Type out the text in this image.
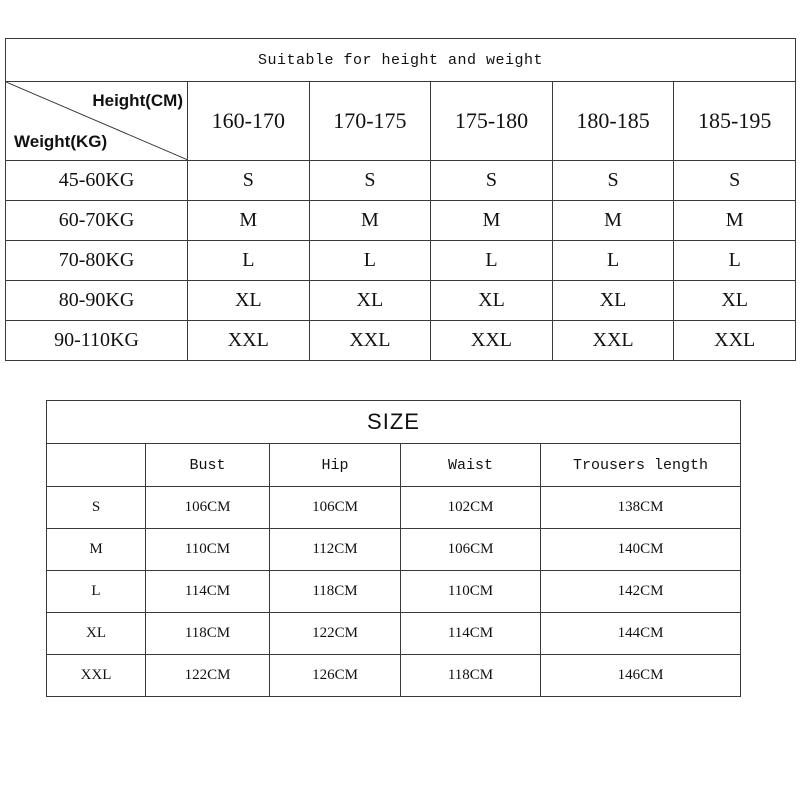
Suitable for height and weight					

Height(CM)
Weight(KG)	160-170	170-175	175-180	180-185	185-195
45-60KG	S	S	S	S	S
60-70KG	M	M	M	M	M
70-80KG	L	L	L	L	L
80-90KG	XL	XL	XL	XL	XL
90-110KG	XXL	XXL	XXL	XXL	XXL
SIZE				
	Bust	Hip	Waist	Trousers length
S	106CM	106CM	102CM	138CM
M	110CM	112CM	106CM	140CM
L	114CM	118CM	110CM	142CM
XL	118CM	122CM	114CM	144CM
XXL	122CM	126CM	118CM	146CM
